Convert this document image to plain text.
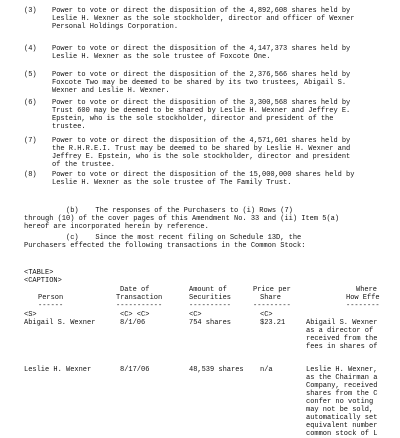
(3) Power to vote or direct the disposition of the 4,892,608 shares held by
Leslie H. Wexner as the sole stockholder, director and officer of Wexner
Personal Holdings Corporation.
(4) Power to vote or direct the disposition of the 4,147,373 shares held by
Leslie H. Wexner as the sole trustee of Foxcote One.
(5) Power to vote or direct the disposition of the 2,376,566 shares held by
Foxcote Two may be deemed to be shared by its two trustees, Abigail S.
Wexner and Leslie H. Wexner.
(6) Power to vote or direct the disposition of the 3,300,568 shares held by
Trust 600 may be deemed to be shared by Leslie H. Wexner and Jeffrey E.
Epstein, who is the sole stockholder, director and president of the
trustee.
(7) Power to vote or direct the disposition of the 4,571,601 shares held by
the R.H.R.E.I. Trust may be deemed to be shared by Leslie H. Wexner and
Jeffrey E. Epstein, who is the sole stockholder, director and president
of the trustee.
(8) Power to vote or direct the disposition of the 15,000,000 shares held by
Leslie H. Wexner as the sole trustee of The Family Trust.
(b)    The responses of the Purchasers to (i) Rows (7)
through (10) of the cover pages of this Amendment No. 33 and (ii) Item 5(a)
hereof are incorporated herein by reference.
(c)    Since the most recent filing on Schedule 13D, the
Purchasers effected the following transactions in the Common Stock:
<TABLE>
<CAPTION>
Date of	Amount of	Price per	Where
Person	Transaction	Securities	Share	How Effe
------	-----------	----------	---------	--------
<S>	<C> <C>	<C>	<C>
Abigail S. Wexner	8/1/06	754 shares	$23.21	Abigail S. Wexner
as a director of
received from the
fees in shares of
Leslie H. Wexner	8/17/06	48,539 shares n/a	Leslie H. Wexner,
as the Chairman a
Company, received
shares from the C
confer no voting
may not be sold,
automatically set
equivalent number
common stock of L
